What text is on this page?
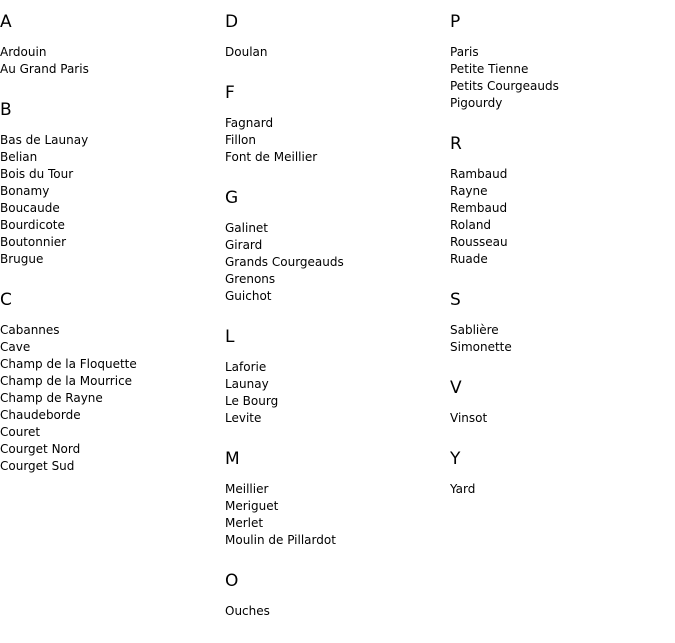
A
Ardouin
Au Grand Paris
B
Bas de Launay
Belian
Bois du Tour
Bonamy
Boucaude
Bourdicote
Boutonnier
Brugue
C
Cabannes
Cave
Champ de la Floquette
Champ de la Mourrice
Champ de Rayne
Chaudeborde
Couret
Courget Nord
Courget Sud
D
Doulan
F
Fagnard
Fillon
Font de Meillier
G
Galinet
Girard
Grands Courgeauds
Grenons
Guichot
L
Laforie
Launay
Le Bourg
Levite
M
Meillier
Meriguet
Merlet
Moulin de Pillardot
O
Ouches
P
Paris
Petite Tienne
Petits Courgeauds
Pigourdy
R
Rambaud
Rayne
Rembaud
Roland
Rousseau
Ruade
S
Sablière
Simonette
V
Vinsot
Y
Yard
